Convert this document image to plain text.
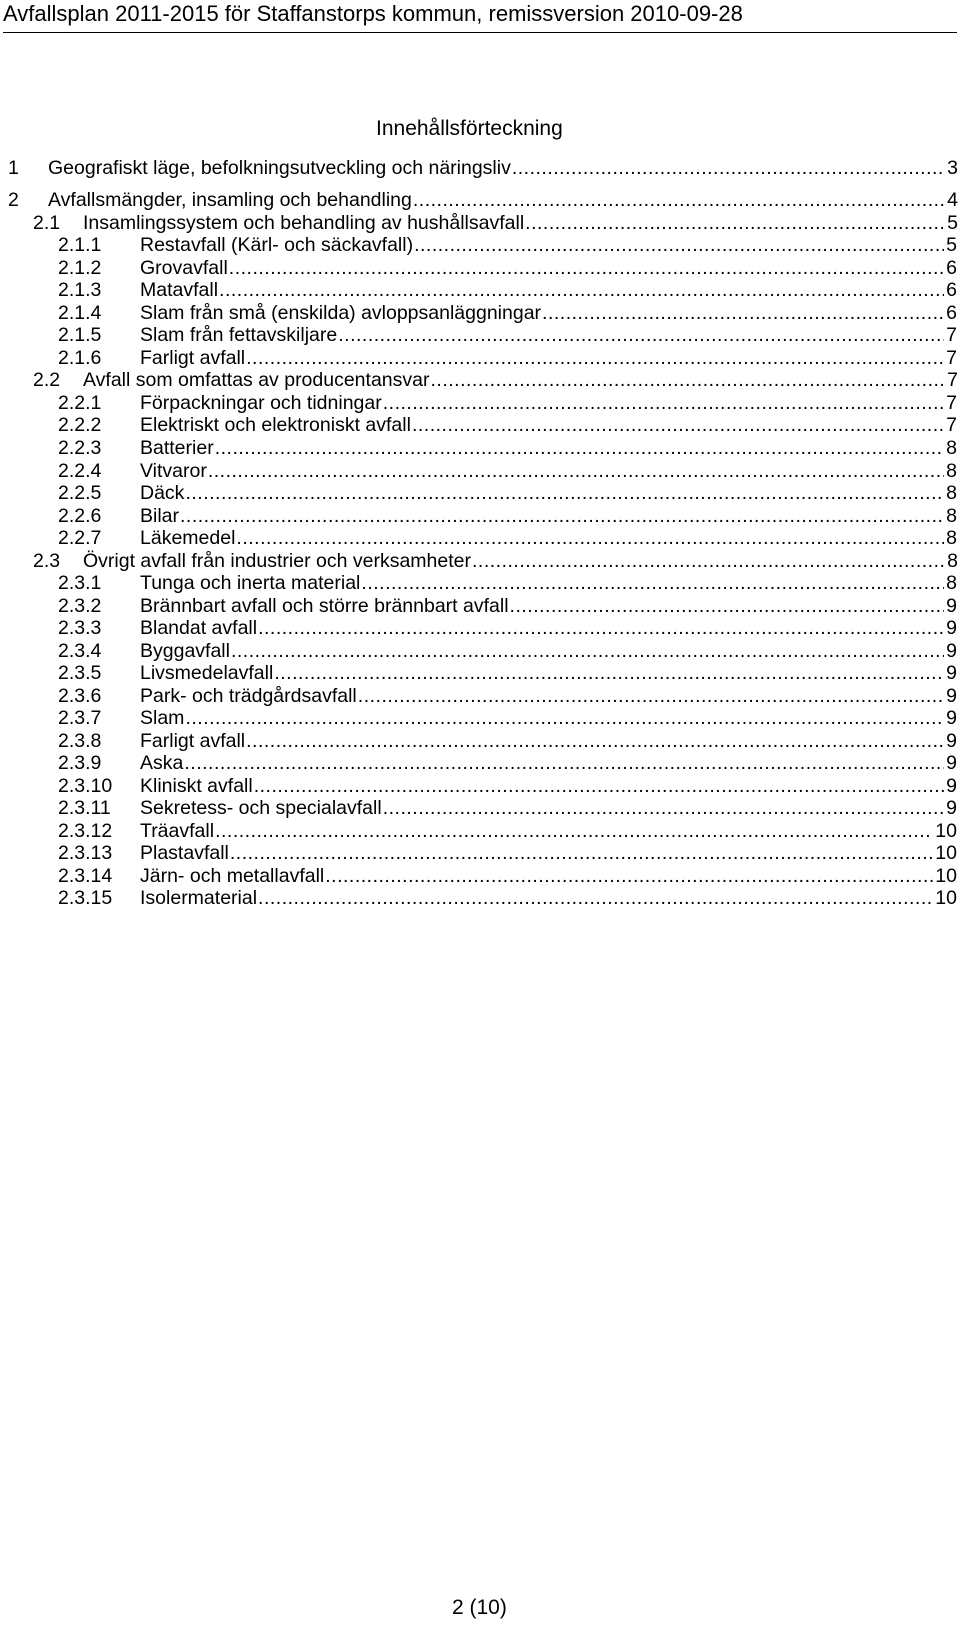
Avfallsplan 2011-2015 för Staffanstorps kommun, remissversion 2010-09-28
Innehållsförteckning
1 Geografiskt läge, befolkningsutveckling och näringsliv .....	3
2 Avfallsmängder, insamling och behandling .....	4
2.1 Insamlingssystem och behandling av hushållsavfall .....	5
2.1.1 Restavfall (Kärl- och säckavfall) .....	5
2.1.2 Grovavfall .....	6
2.1.3 Matavfall .....	6
2.1.4 Slam från små (enskilda) avloppsanläggningar .....	6
2.1.5 Slam från fettavskiljare .....	7
2.1.6 Farligt avfall .....	7
2.2 Avfall som omfattas av producentansvar .....	7
2.2.1 Förpackningar och tidningar .....	7
2.2.2 Elektriskt och elektroniskt avfall .....	7
2.2.3 Batterier .....	8
2.2.4 Vitvaror .....	8
2.2.5 Däck .....	8
2.2.6 Bilar .....	8
2.2.7 Läkemedel .....	8
2.3 Övrigt avfall från industrier och verksamheter .....	8
2.3.1 Tunga och inerta material .....	8
2.3.2 Brännbart avfall och större brännbart avfall .....	9
2.3.3 Blandat avfall .....	9
2.3.4 Byggavfall .....	9
2.3.5 Livsmedelavfall .....	9
2.3.6 Park- och trädgårdsavfall .....	9
2.3.7 Slam .....	9
2.3.8 Farligt avfall .....	9
2.3.9 Aska .....	9
2.3.10 Kliniskt avfall .....	9
2.3.11 Sekretess- och specialavfall .....	9
2.3.12 Träavfall .....	10
2.3.13 Plastavfall .....	10
2.3.14 Järn- och metallavfall .....	10
2.3.15 Isolermaterial .....	10
2 (10)
